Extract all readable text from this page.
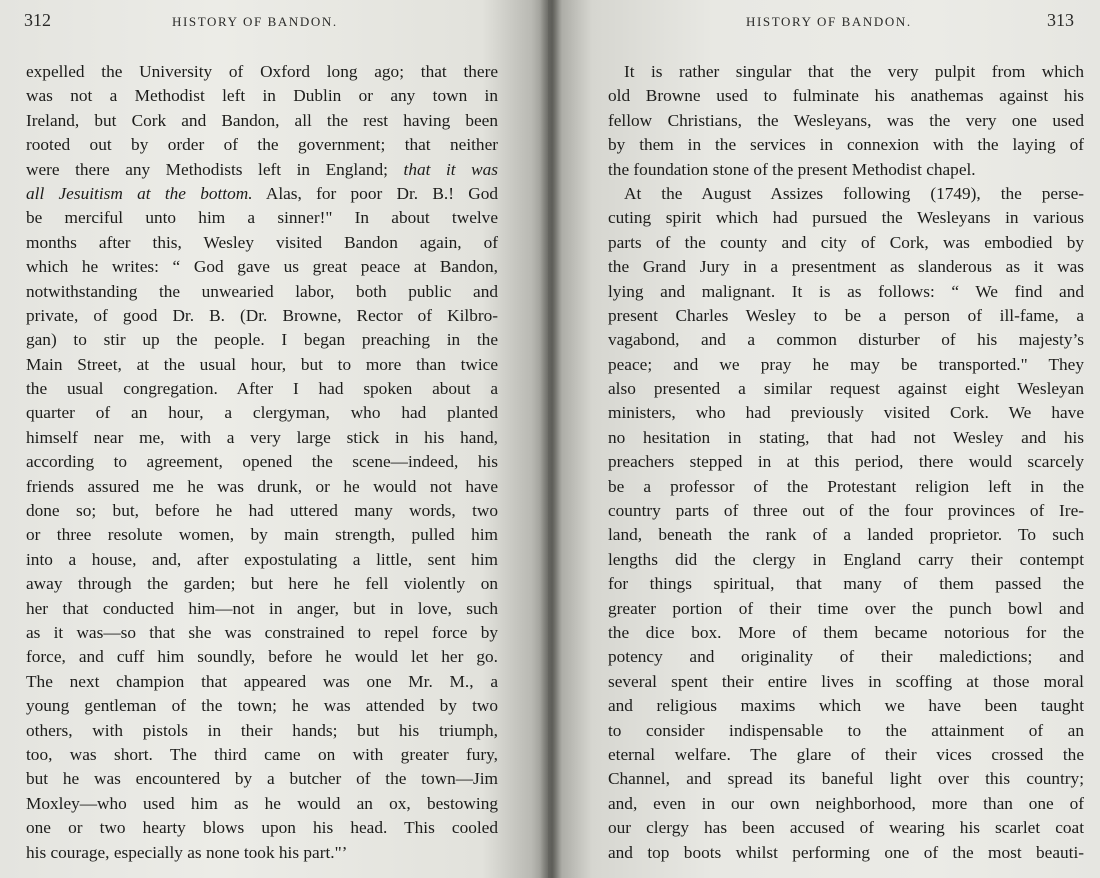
312	HISTORY OF BANDON.
expelled the University of Oxford long ago; that there
was not a Methodist left in Dublin or any town in
Ireland, but Cork and Bandon, all the rest having been
rooted out by order of the government; that neither
were there any Methodists left in England; that it was
all Jesuitism at the bottom. Alas, for poor Dr. B.! God
be merciful unto him a sinner!" In about twelve
months after this, Wesley visited Bandon again, of
which he writes: “ God gave us great peace at Bandon,
notwithstanding the unwearied labor, both public and
private, of good Dr. B. (Dr. Browne, Rector of Kilbro-
gan) to stir up the people. I began preaching in the
Main Street, at the usual hour, but to more than twice
the usual congregation. After I had spoken about a
quarter of an hour, a clergyman, who had planted
himself near me, with a very large stick in his hand,
according to agreement, opened the scene—indeed, his
friends assured me he was drunk, or he would not have
done so; but, before he had uttered many words, two
or three resolute women, by main strength, pulled him
into a house, and, after expostulating a little, sent him
away through the garden; but here he fell violently on
her that conducted him—not in anger, but in love, such
as it was—so that she was constrained to repel force by
force, and cuff him soundly, before he would let her go.
The next champion that appeared was one Mr. M., a
young gentleman of the town; he was attended by two
others, with pistols in their hands; but his triumph,
too, was short. The third came on with greater fury,
but he was encountered by a butcher of the town—Jim
Moxley—who used him as he would an ox, bestowing
one or two hearty blows upon his head. This cooled
his courage, especially as none took his part."’
HISTORY OF BANDON.	313
It is rather singular that the very pulpit from which
old Browne used to fulminate his anathemas against his
fellow Christians, the Wesleyans, was the very one used
by them in the services in connexion with the laying of
the foundation stone of the present Methodist chapel.
At the August Assizes following (1749), the perse-
cuting spirit which had pursued the Wesleyans in various
parts of the county and city of Cork, was embodied by
the Grand Jury in a presentment as slanderous as it was
lying and malignant. It is as follows: “ We find and
present Charles Wesley to be a person of ill-fame, a
vagabond, and a common disturber of his majesty’s
peace; and we pray he may be transported." They
also presented a similar request against eight Wesleyan
ministers, who had previously visited Cork. We have
no hesitation in stating, that had not Wesley and his
preachers stepped in at this period, there would scarcely
be a professor of the Protestant religion left in the
country parts of three out of the four provinces of Ire-
land, beneath the rank of a landed proprietor. To such
lengths did the clergy in England carry their contempt
for things spiritual, that many of them passed the
greater portion of their time over the punch bowl and
the dice box. More of them became notorious for the
potency and originality of their maledictions; and
several spent their entire lives in scoffing at those moral
and religious maxims which we have been taught
to consider indispensable to the attainment of an
eternal welfare. The glare of their vices crossed the
Channel, and spread its baneful light over this country;
and, even in our own neighborhood, more than one of
our clergy has been accused of wearing his scarlet coat
and top boots whilst performing one of the most beauti-
